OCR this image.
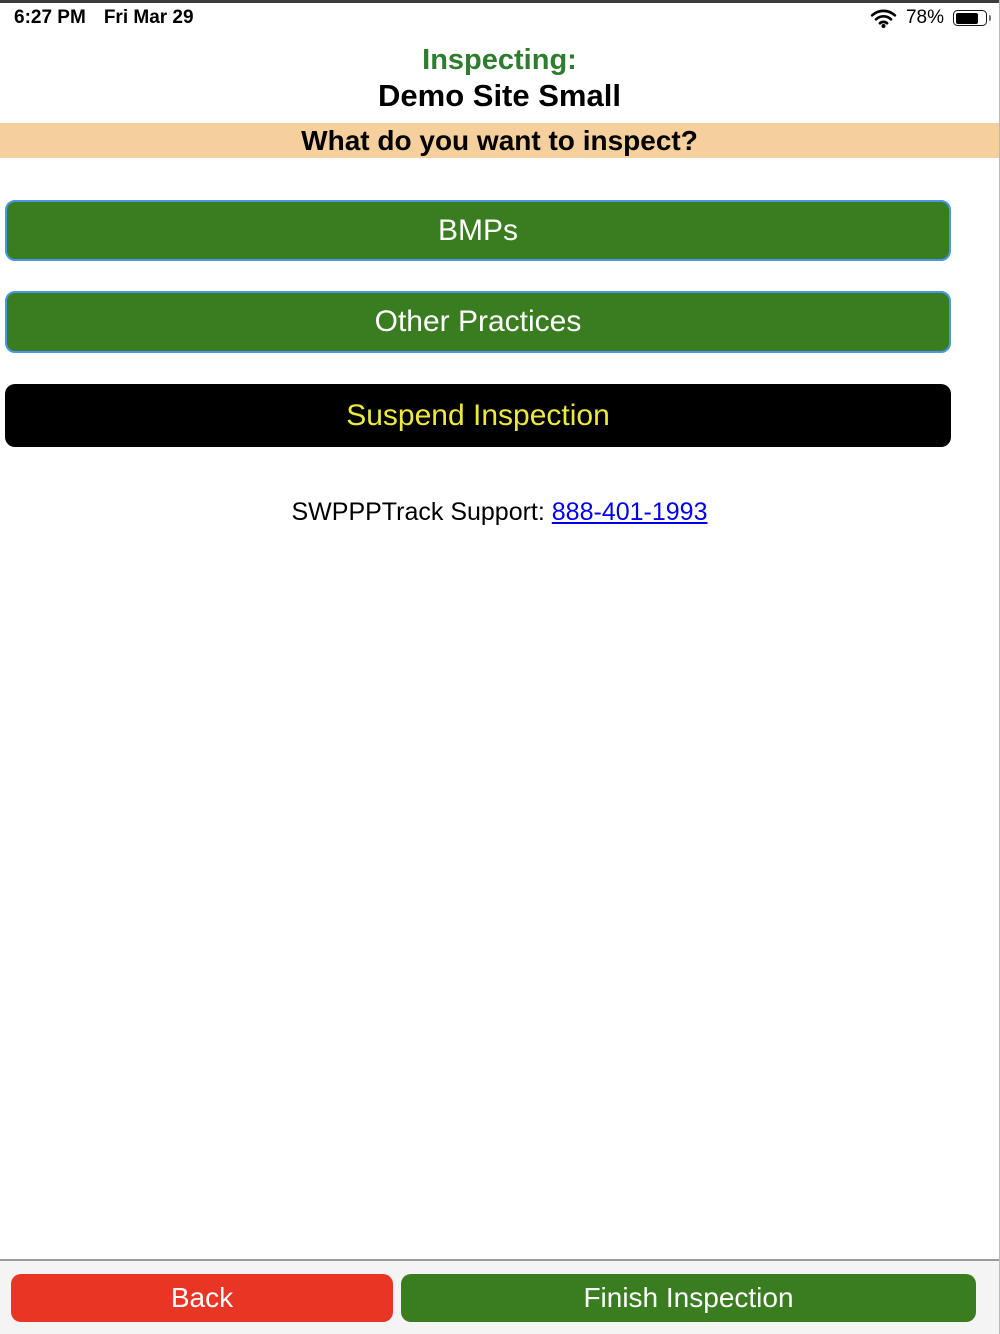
6:27 PM Fri Mar 29	78%
Inspecting:
Demo Site Small
What do you want to inspect?
BMPs
Other Practices
Suspend Inspection
SWPPPTrack Support: 888-401-1993
Back	Finish Inspection
